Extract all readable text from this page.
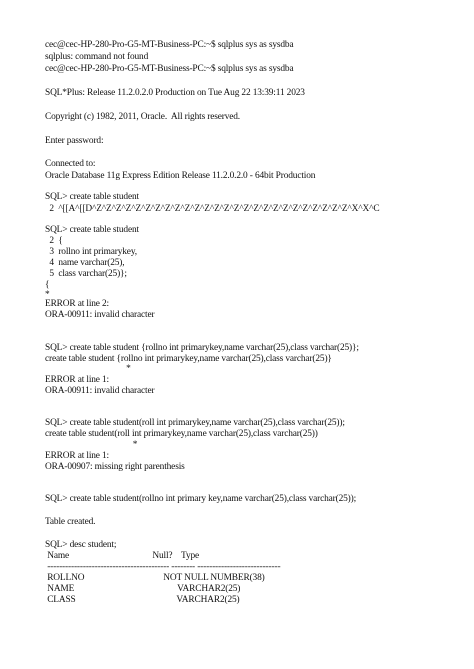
cec@cec-HP-280-Pro-G5-MT-Business-PC:~$ sqlplus sys as sysdba
sqlplus: command not found
cec@cec-HP-280-Pro-G5-MT-Business-PC:~$ sqlplus sys as sysdba
SQL*Plus: Release 11.2.0.2.0 Production on Tue Aug 22 13:39:11 2023
Copyright (c) 1982, 2011, Oracle.  All rights reserved.
Enter password:
Connected to:
Oracle Database 11g Express Edition Release 11.2.0.2.0 - 64bit Production
SQL> create table student
2  ^[[A^[[D^Z^Z^Z^Z^Z^Z^Z^Z^Z^Z^Z^Z^Z^Z^Z^Z^Z^Z^Z^Z^Z^Z^Z^Z^Z^Z^X^X^C
SQL> create table student
2  {
3  rollno int primarykey,
4  name varchar(25),
5  class varchar(25)};
{
*
ERROR at line 2:
ORA-00911: invalid character
SQL> create table student {rollno int primarykey,name varchar(25),class varchar(25)};
create table student {rollno int primarykey,name varchar(25),class varchar(25)}
*
ERROR at line 1:
ORA-00911: invalid character
SQL> create table student(roll int primarykey,name varchar(25),class varchar(25));
create table student(roll int primarykey,name varchar(25),class varchar(25))
*
ERROR at line 1:
ORA-00907: missing right parenthesis
SQL> create table student(rollno int primary key,name varchar(25),class varchar(25));
Table created.
SQL> desc student;
Name                                      Null?    Type
----------------------------------------- -------- ----------------------------
ROLLNO                                    NOT NULL NUMBER(38)
NAME                                               VARCHAR2(25)
CLASS                                              VARCHAR2(25)
